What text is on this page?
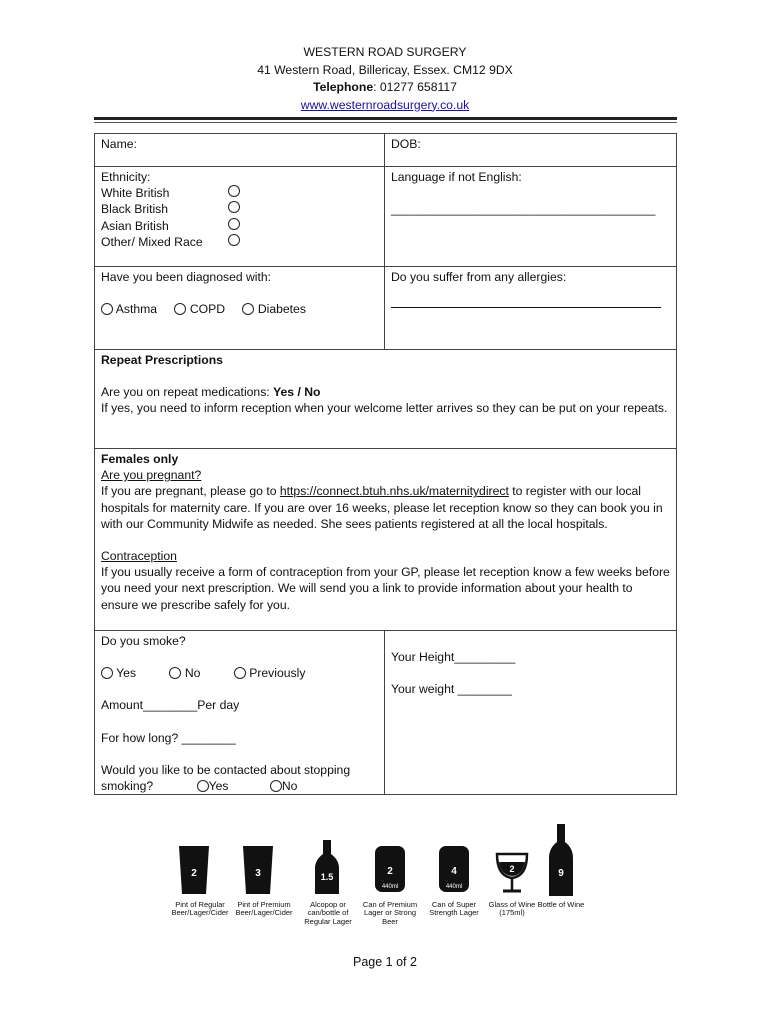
WESTERN ROAD SURGERY
41 Western Road, Billericay, Essex. CM12 9DX
Telephone: 01277 658117
www.westernroadsurgery.co.uk
Name:	DOB:
Ethnicity:
White British
Black British
Asian British
Other/ Mixed Race
Language if not English:
_______________________________________
Have you been diagnosed with:
Asthma	COPD	Diabetes
Do you suffer from any allergies:
Repeat Prescriptions
Are you on repeat medications: Yes / No
If yes, you need to inform reception when your welcome letter arrives so they can be put on your repeats.
Females only
Are you pregnant?
If you are pregnant, please go to https://connect.btuh.nhs.uk/maternitydirect to register with our local hospitals for maternity care. If you are over 16 weeks, please let reception know so they can book you in with our Community Midwife as needed. She sees patients registered at all the local hospitals.
Contraception
If you usually receive a form of contraception from your GP, please let reception know a few weeks before you need your next prescription. We will send you a link to provide information about your health to ensure we prescribe safely for you.
Do you smoke?
Yes	No	Previously
Amount________Per day
For how long? ________
Would you like to be contacted about stopping
smoking?	Yes	No
Your Height_________
Your weight ________
2
Pint of Regular Beer/Lager/Cider
3
Pint of Premium Beer/Lager/Cider
1.5
Alcopop or can/bottle of Regular Lager
2
440ml
Can of Premium Lager or Strong Beer
4
440ml
Can of Super Strength Lager
2
Glass of Wine (175ml)
9
Bottle of Wine
Page 1 of 2
